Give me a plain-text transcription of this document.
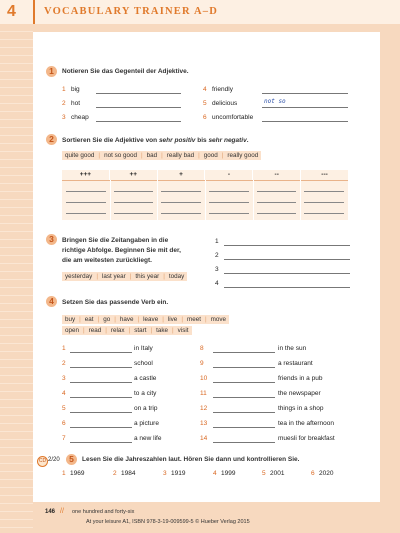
4	VOCABULARY TRAINER A–D
1	Notieren Sie das Gegenteil der Adjektive.
2	Sortieren Sie die Adjektive von sehr positiv bis sehr negativ.
quite good | not so good | bad | really bad | good | really good
+++	++	+	-	--	---
3	Bringen Sie die Zeitangaben in die
richtige Abfolge. Beginnen Sie mit der,
die am weitesten zurückliegt.
yesterday | last year | this year | today
4	Setzen Sie das passende Verb ein.
buy | eat | go | have | leave | live | meet | move
open | read | relax | start | take | visit
CD 2/20	5	Lesen Sie die Jahreszahlen laut. Hören Sie dann und kontrollieren Sie.
146 // one hundred and forty-six
At your leisure A1, ISBN 978-3-19-009599-5 © Hueber Verlag 2015
1 big
2 hot
3 cheap
4 friendly
5 delicious
6 uncomfortable
not so
1
2
3
4
1	in Italy
2	school
3	a castle
4	to a city
5	on a trip
6	a picture
7	a new life
8	in the sun
9	a restaurant
10	friends in a pub
11	the newspaper
12	things in a shop
13	tea in the afternoon
14	muesli for breakfast
1 1969	2 1984	3 1919	4 1999	5 2001	6 2020
